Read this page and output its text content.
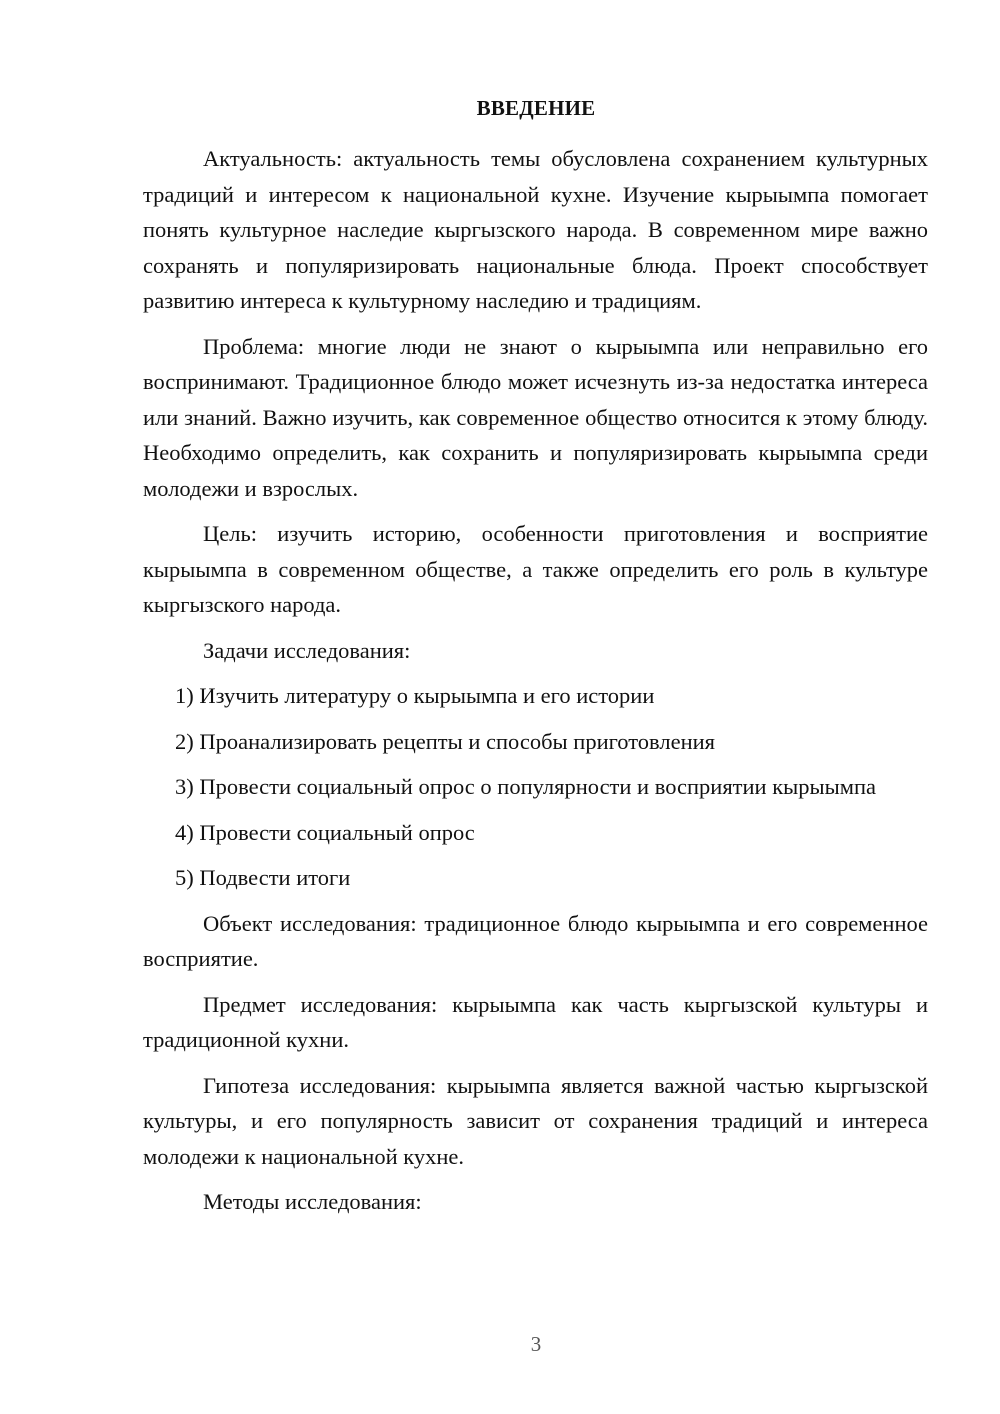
ВВЕДЕНИЕ

Актуальность: актуальность темы обусловлена сохранением культурных традиций и интересом к национальной кухне. Изучение кырыымпа помогает понять культурное наследие кыргызского народа. В современном мире важно сохранять и популяризировать национальные блюда. Проект способствует развитию интереса к культурному наследию и традициям.

Проблема: многие люди не знают о кырыымпа или неправильно его воспринимают. Традиционное блюдо может исчезнуть из-за недостатка интереса или знаний. Важно изучить, как современное общество относится к этому блюду. Необходимо определить, как сохранить и популяризировать кырыымпа среди молодежи и взрослых.

Цель: изучить историю, особенности приготовления и восприятие кырыымпа в современном обществе, а также определить его роль в культуре кыргызского народа.

Задачи исследования:

1) Изучить литературу о кырыымпа и его истории

2) Проанализировать рецепты и способы приготовления

3) Провести социальный опрос о популярности и восприятии кырыымпа

4) Провести социальный опрос

5) Подвести итоги

Объект исследования: традиционное блюдо кырыымпа и его современное восприятие.

Предмет исследования: кырыымпа как часть кыргызской культуры и традиционной кухни.

Гипотеза исследования: кырыымпа является важной частью кыргызской культуры, и его популярность зависит от сохранения традиций и интереса молодежи к национальной кухне.

Методы исследования:

3
